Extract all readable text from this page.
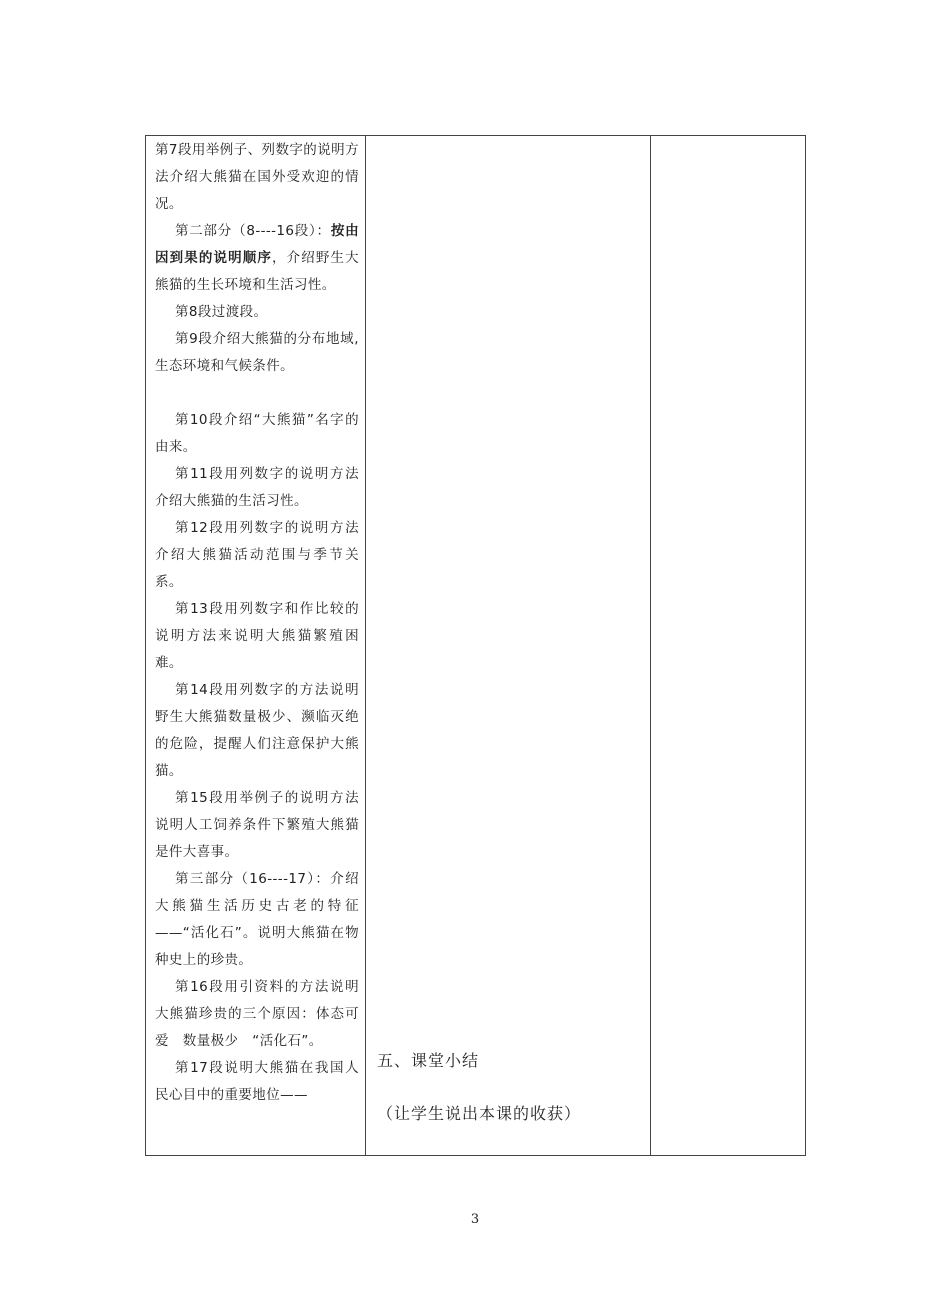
第7段用举例子、列数字的说明方法介绍大熊猫在国外受欢迎的情况。

第二部分（8----16段）：按由因到果的说明顺序，介绍野生大熊猫的生长环境和生活习性。

第8段过渡段。

第9段介绍大熊猫的分布地域,生态环境和气候条件。

第10段介绍“大熊猫”名字的由来。

第11段用列数字的说明方法介绍大熊猫的生活习性。

第12段用列数字的说明方法介绍大熊猫活动范围与季节关系。

第13段用列数字和作比较的说明方法来说明大熊猫繁殖困难。

第14段用列数字的方法说明野生大熊猫数量极少、濒临灭绝的危险，提醒人们注意保护大熊猫。

第15段用举例子的说明方法说明人工饲养条件下繁殖大熊猫是件大喜事。

第三部分（16----17）：介绍大熊猫生活历史古老的特征——“活化石”。说明大熊猫在物种史上的珍贵。

第16段用引资料的方法说明大熊猫珍贵的三个原因：体态可爱　数量极少　“活化石”。

第17段说明大熊猫在我国人民心目中的重要地位——

五、课堂小结

（让学生说出本课的收获）

3
